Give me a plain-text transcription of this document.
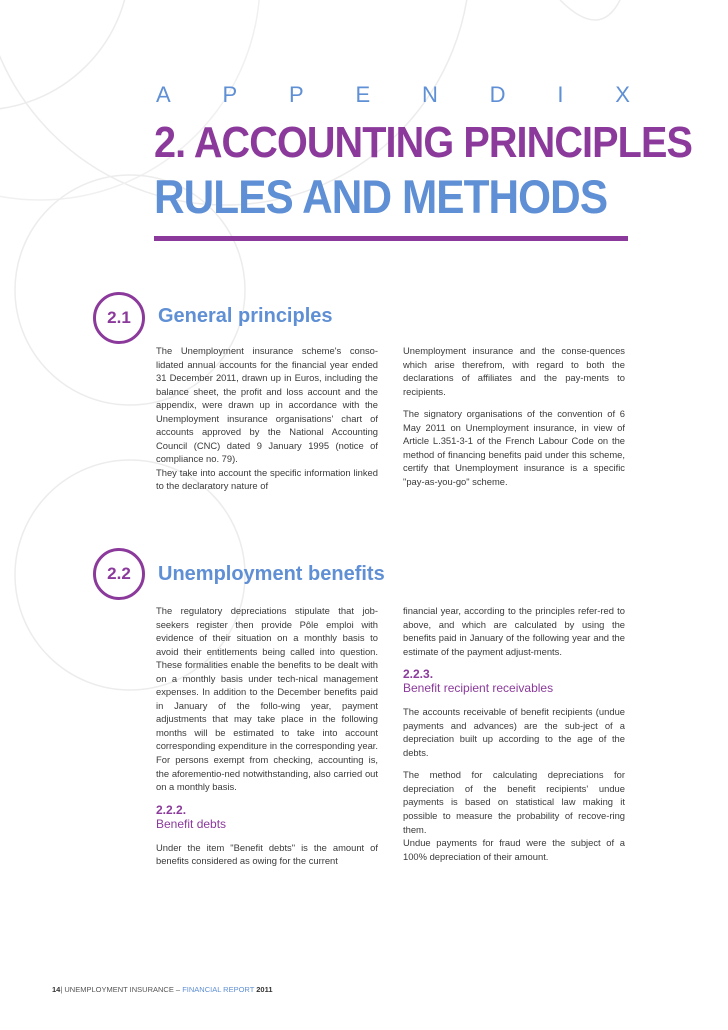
A P P E N D I X
2. ACCOUNTING PRINCIPLES
RULES AND METHODS
2.1	General principles

The Unemployment insurance scheme's conso-lidated annual accounts for the financial year ended 31 December 2011, drawn up in Euros, including the balance sheet, the profit and loss account and the appendix, were drawn up in accordance with the Unemployment insurance organisations' chart of accounts approved by the National Accounting Council (CNC) dated 9 January 1995 (notice of compliance no. 79).

They take into account the specific information linked to the declaratory nature of

Unemployment insurance and the conse-quences which arise therefrom, with regard to both the declarations of affiliates and the pay-ments to recipients.

The signatory organisations of the convention of 6 May 2011 on Unemployment insurance, in view of Article L.351-3-1 of the French Labour Code on the method of financing benefits paid under this scheme, certify that Unemployment insurance is a specific "pay-as-you-go" scheme.

2.2	Unemployment benefits

The regulatory depreciations stipulate that job-seekers register then provide Pôle emploi with evidence of their situation on a monthly basis to avoid their entitlements being called into question. These formalities enable the benefits to be dealt with on a monthly basis under tech-nical management expenses. In addition to the December benefits paid in January of the follo-wing year, payment adjustments that may take place in the following months will be estimated to take into account corresponding expenditure in the corresponding year. For persons exempt from checking, accounting is, the aforementio-ned notwithstanding, also carried out on a monthly basis.

2.2.2.
Benefit debts

Under the item "Benefit debts" is the amount of benefits considered as owing for the current

financial year, according to the principles refer-red to above, and which are calculated by using the benefits paid in January of the following year and the estimate of the payment adjust-ments.

2.2.3.
Benefit recipient receivables

The accounts receivable of benefit recipients (undue payments and advances) are the sub-ject of a depreciation built up according to the age of the debts.

The method for calculating depreciations for depreciation of the benefit recipients' undue payments is based on statistical law making it possible to measure the probability of recove-ring them.

Undue payments for fraud were the subject of a 100% depreciation of their amount.

14| UNEMPLOYMENT INSURANCE – FINANCIAL REPORT 2011
